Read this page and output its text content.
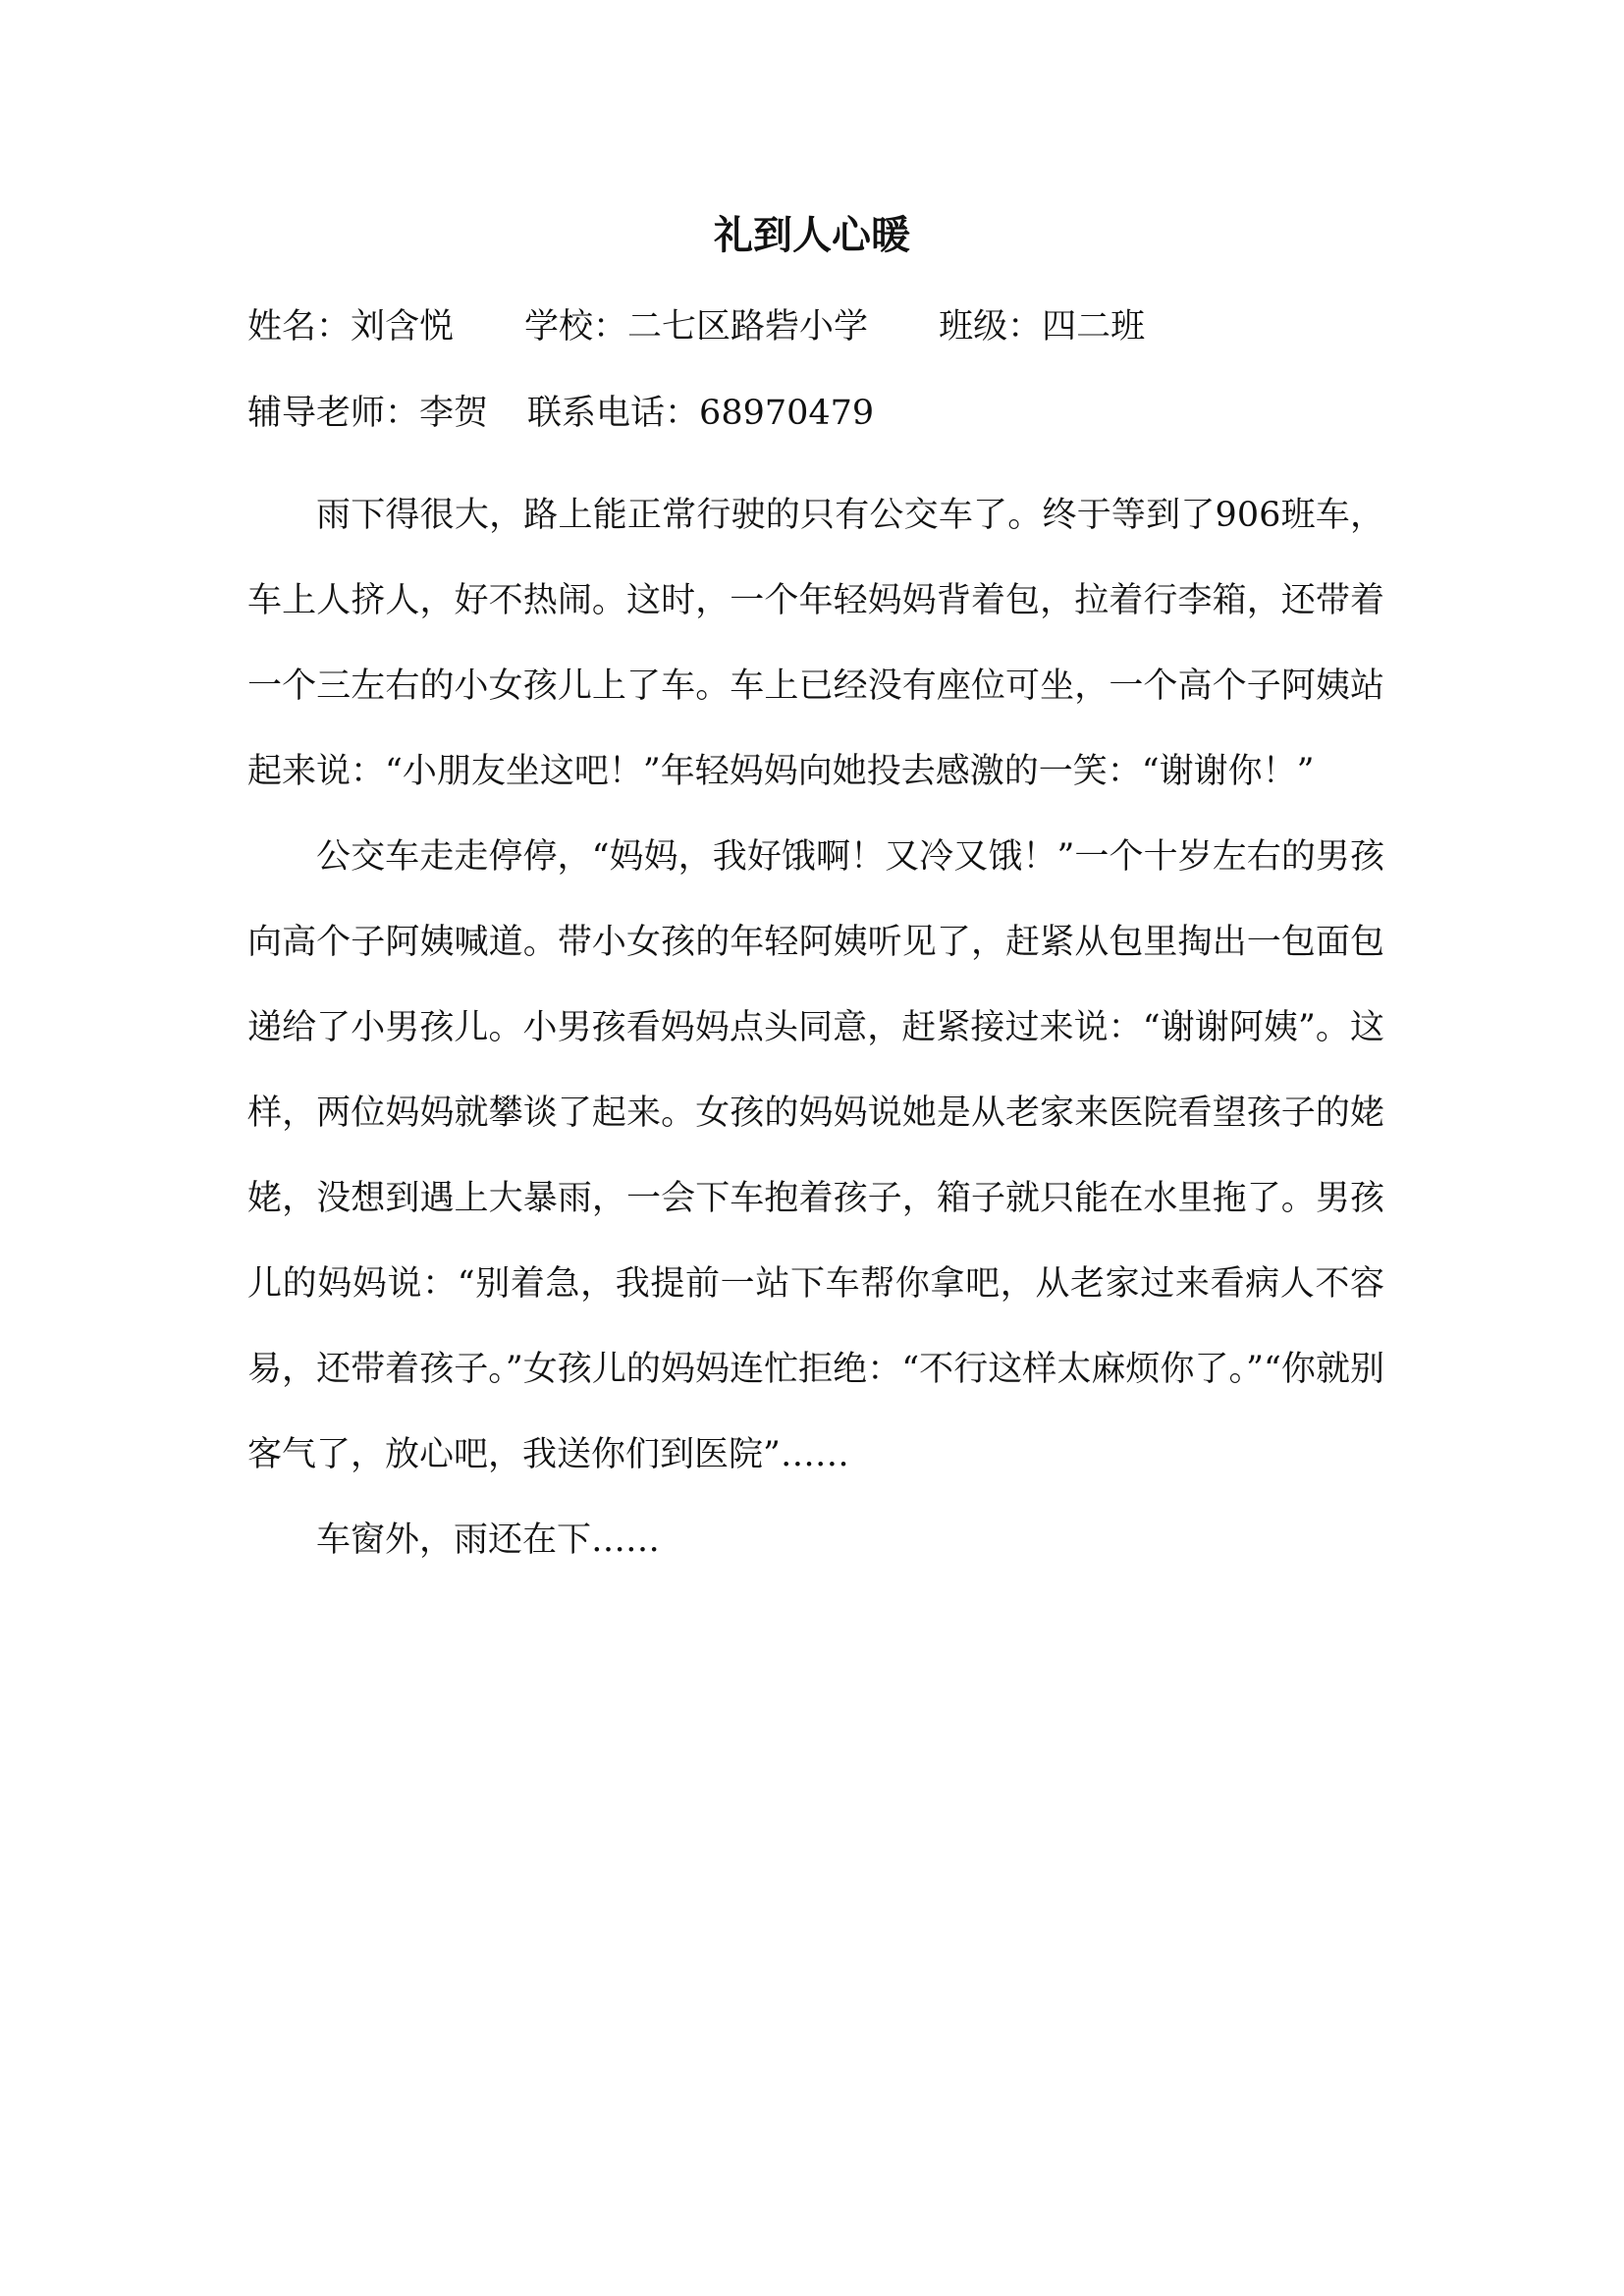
礼到人心暖
姓名：刘含悦 学校：二七区路砦小学 班级：四二班
辅导老师：李贺 联系电话：68970479

雨下得很大，路上能正常行驶的只有公交车了。终于等到了906班车，车上人挤人，好不热闹。这时，一个年轻妈妈背着包，拉着行李箱，还带着一个三左右的小女孩儿上了车。车上已经没有座位可坐，一个高个子阿姨站起来说：“小朋友坐这吧！”年轻妈妈向她投去感激的一笑：“谢谢你！”

公交车走走停停，“妈妈，我好饿啊！又冷又饿！”一个十岁左右的男孩向高个子阿姨喊道。带小女孩的年轻阿姨听见了，赶紧从包里掏出一包面包递给了小男孩儿。小男孩看妈妈点头同意，赶紧接过来说：“谢谢阿姨”。这样，两位妈妈就攀谈了起来。女孩的妈妈说她是从老家来医院看望孩子的姥姥，没想到遇上大暴雨，一会下车抱着孩子，箱子就只能在水里拖了。男孩儿的妈妈说：“别着急，我提前一站下车帮你拿吧，从老家过来看病人不容易，还带着孩子。”女孩儿的妈妈连忙拒绝：“不行这样太麻烦你了。”“你就别客气了，放心吧，我送你们到医院”……

车窗外，雨还在下……
